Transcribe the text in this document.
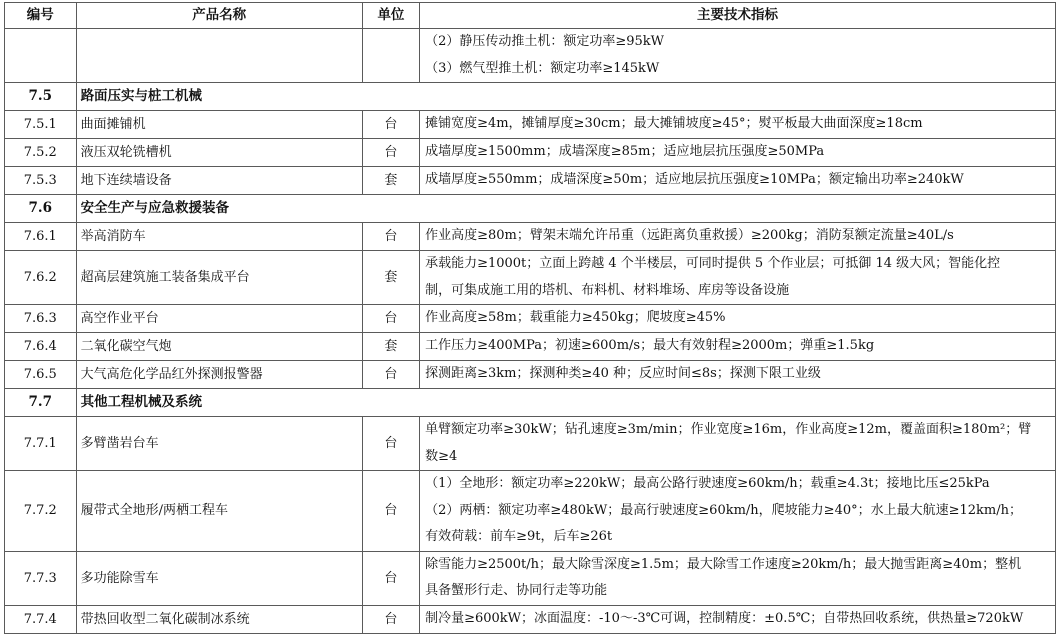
编号	产品名称	单位	主要技术指标

			（2）静压传动推土机：额定功率≥95kW
（3）燃气型推土机：额定功率≥145kW

7.5	路面压实与桩工机械		
7.5.1	曲面摊铺机	台	摊铺宽度≥4m，摊铺厚度≥30cm；最大摊铺坡度≥45°；熨平板最大曲面深度≥18cm

7.5.2	液压双轮铣槽机	台	成墙厚度≥1500mm；成墙深度≥85m；适应地层抗压强度≥50MPa

7.5.3	地下连续墙设备	套	成墙厚度≥550mm；成墙深度≥50m；适应地层抗压强度≥10MPa；额定输出功率≥240kW

7.6	安全生产与应急救援装备		
7.6.1	举高消防车	台	作业高度≥80m；臂架末端允许吊重（远距离负重救援）≥200kg；消防泵额定流量≥40L/s

7.6.2	超高层建筑施工装备集成平台	套	承载能力≥1000t；立面上跨越 4 个半楼层，可同时提供 5 个作业层；可抵御 14 级大风；智能化控
制，可集成施工用的塔机、布料机、材料堆场、库房等设备设施

7.6.3	高空作业平台	台	作业高度≥58m；载重能力≥450kg；爬坡度≥45%

7.6.4	二氧化碳空气炮	套	工作压力≥400MPa；初速≥600m/s；最大有效射程≥2000m；弹重≥1.5kg

7.6.5	大气高危化学品红外探测报警器	台	探测距离≥3km；探测种类≥40 种；反应时间≤8s；探测下限工业级

7.7	其他工程机械及系统		
7.7.1	多臂凿岩台车	台	单臂额定功率≥30kW；钻孔速度≥3m/min；作业宽度≥16m，作业高度≥12m，覆盖面积≥180m²；臂
数≥4

7.7.2	履带式全地形/两栖工程车	台	（1）全地形：额定功率≥220kW；最高公路行驶速度≥60km/h；载重≥4.3t；接地比压≤25kPa
（2）两栖：额定功率≥480kW；最高行驶速度≥60km/h，爬坡能力≥40°；水上最大航速≥12km/h；
有效荷载：前车≥9t，后车≥26t

7.7.3	多功能除雪车	台	除雪能力≥2500t/h；最大除雪深度≥1.5m；最大除雪工作速度≥20km/h；最大抛雪距离≥40m；整机
具备蟹形行走、协同行走等功能

7.7.4	带热回收型二氧化碳制冰系统	台	制冷量≥600kW；冰面温度：-10～-3℃可调，控制精度：±0.5℃；自带热回收系统，供热量≥720kW
